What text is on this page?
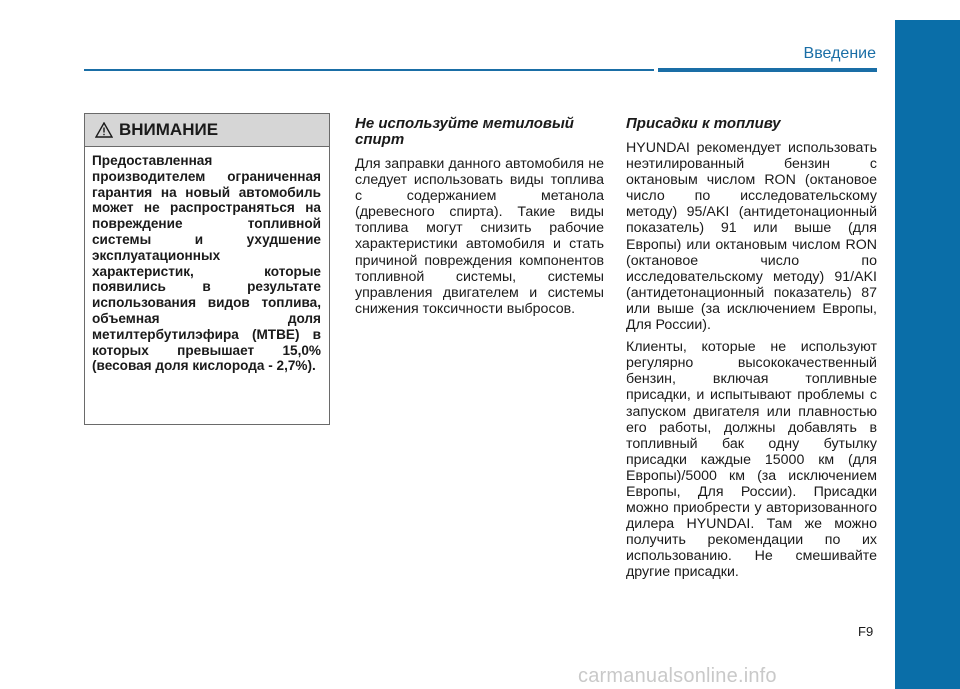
Введение
ВНИМАНИЕ
Предоставленная производителем ограниченная гарантия на новый автомобиль может не распространяться на повреждение топливной системы и ухудшение эксплуатационных характеристик, которые появились в результате использования видов топлива, объемная доля метилтербутилэфира (MTBE) в которых превышает 15,0% (весовая доля кислорода - 2,7%).
Не используйте метиловый спирт

Для заправки данного автомобиля не следует использовать виды топлива с содержанием метанола (древесного спирта). Такие виды топлива могут снизить рабочие характеристики автомобиля и стать причиной повреждения компонентов топливной системы, системы управления двигателем и системы снижения токсичности выбросов.

Присадки к топливу

HYUNDAI рекомендует использовать неэтилированный бензин с октановым числом RON (октановое число по исследовательскому методу) 95/AKI (антидетонационный показатель) 91 или выше (для Европы) или октановым числом RON (октановое число по исследовательскому методу) 91/AKI (антидетонационный показатель) 87 или выше (за исключением Европы, Для России).

Клиенты, которые не используют регулярно высококачественный бензин, включая топливные присадки, и испытывают проблемы с запуском двигателя или плавностью его работы, должны добавлять в топливный бак одну бутылку присадки каждые 15000 км (для Европы)/5000 км (за исключением Европы, Для России). Присадки можно приобрести у авторизованного дилера HYUNDAI. Там же можно получить рекомендации по их использованию. Не смешивайте другие присадки.

F9
carmanualsonline.info
